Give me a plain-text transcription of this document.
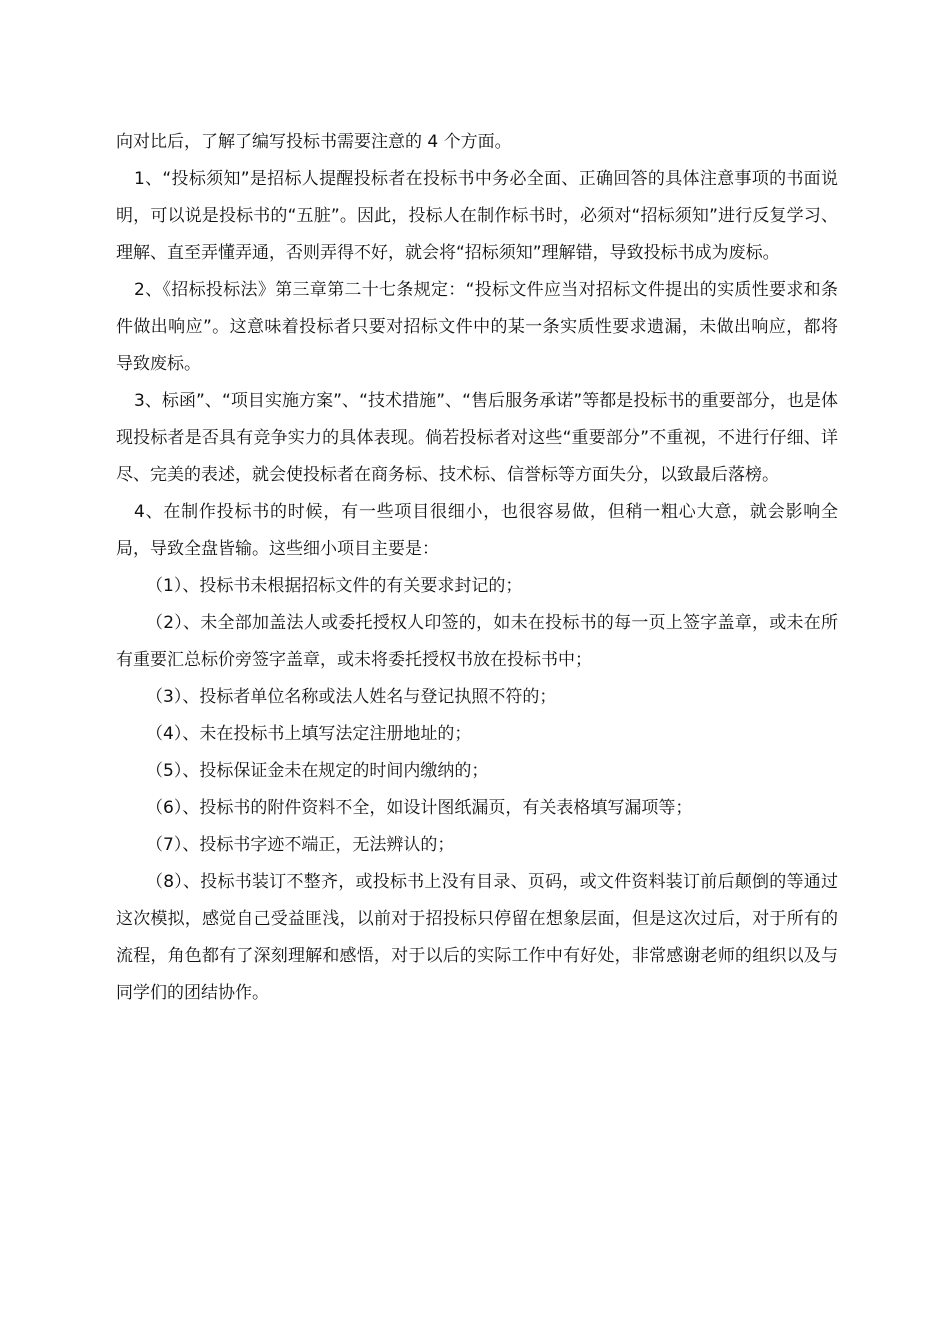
向对比后，了解了编写投标书需要注意的 4 个方面。

1、“投标须知”是招标人提醒投标者在投标书中务必全面、正确回答的具体注意事项的书面说明，可以说是投标书的“五脏”。因此，投标人在制作标书时，必须对“招标须知”进行反复学习、理解、直至弄懂弄通，否则弄得不好，就会将“招标须知”理解错，导致投标书成为废标。

2、《招标投标法》第三章第二十七条规定：“投标文件应当对招标文件提出的实质性要求和条件做出响应”。这意味着投标者只要对招标文件中的某一条实质性要求遗漏，未做出响应，都将导致废标。

3、标函”、“项目实施方案”、“技术措施”、“售后服务承诺”等都是投标书的重要部分，也是体现投标者是否具有竞争实力的具体表现。倘若投标者对这些“重要部分”不重视，不进行仔细、详尽、完美的表述，就会使投标者在商务标、技术标、信誉标等方面失分，以致最后落榜。

4、在制作投标书的时候，有一些项目很细小，也很容易做，但稍一粗心大意，就会影响全局，导致全盘皆输。这些细小项目主要是：

（1）、投标书未根据招标文件的有关要求封记的；

（2）、未全部加盖法人或委托授权人印签的，如未在投标书的每一页上签字盖章，或未在所有重要汇总标价旁签字盖章，或未将委托授权书放在投标书中；

（3）、投标者单位名称或法人姓名与登记执照不符的；

（4）、未在投标书上填写法定注册地址的；

（5）、投标保证金未在规定的时间内缴纳的；

（6）、投标书的附件资料不全，如设计图纸漏页，有关表格填写漏项等；

（7）、投标书字迹不端正，无法辨认的；

（8）、投标书装订不整齐，或投标书上没有目录、页码，或文件资料装订前后颠倒的等通过这次模拟，感觉自己受益匪浅，以前对于招投标只停留在想象层面，但是这次过后，对于所有的流程，角色都有了深刻理解和感悟，对于以后的实际工作中有好处，非常感谢老师的组织以及与同学们的团结协作。
